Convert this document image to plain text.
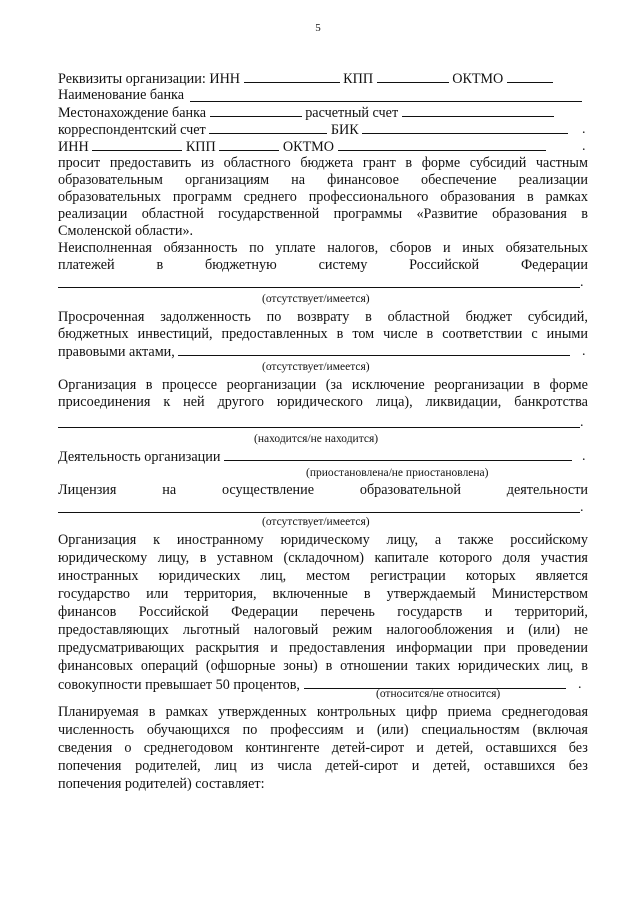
5
Реквизиты организации: ИНН	КПП	ОКТМО
Наименование банка
Местонахождение банка	расчетный счет
корреспондентский счет	БИК	.
ИНН	КПП	ОКТМО	.
просит предоставить из областного бюджета грант в форме субсидий частным
образовательным организациям на финансовое обеспечение реализации
образовательных программ среднего профессионального образования в рамках
реализации областной государственной программы «Развитие образования в
Смоленской области».
Неисполненная обязанность по уплате налогов, сборов и иных обязательных
платежей	в	бюджетную	систему	Российской	Федерации
.
(отсутствует/имеется)
Просроченная задолженность по возврату в областной бюджет субсидий,
бюджетных инвестиций, предоставленных в том числе в соответствии с иными
правовыми актами,	.
(отсутствует/имеется)
Организация в процессе реорганизации (за исключение реорганизации в форме
присоединения к ней другого юридического лица), ликвидации, банкротства
.
(находится/не находится)
Деятельность организации	.
(приостановлена/не приостановлена)
Лицензия	на	осуществление	образовательной	деятельности
.
(отсутствует/имеется)
Организация к иностранному юридическому лицу, а также российскому
юридическому лицу, в уставном (складочном) капитале которого доля участия
иностранных юридических лиц, местом регистрации которых является
государство или территория, включенные в утверждаемый Министерством
финансов Российской Федерации перечень государств и территорий,
предоставляющих льготный налоговый режим налогообложения и (или) не
предусматривающих раскрытия и предоставления информации при проведении
финансовых операций (офшорные зоны) в отношении таких юридических лиц, в
совокупности превышает 50 процентов,	.
(относится/не относится)
Планируемая в рамках утвержденных контрольных цифр приема среднегодовая
численность обучающихся по профессиям и (или) специальностям (включая
сведения о среднегодовом контингенте детей-сирот и детей, оставшихся без
попечения родителей, лиц из числа детей-сирот и детей, оставшихся без
попечения родителей) составляет:
